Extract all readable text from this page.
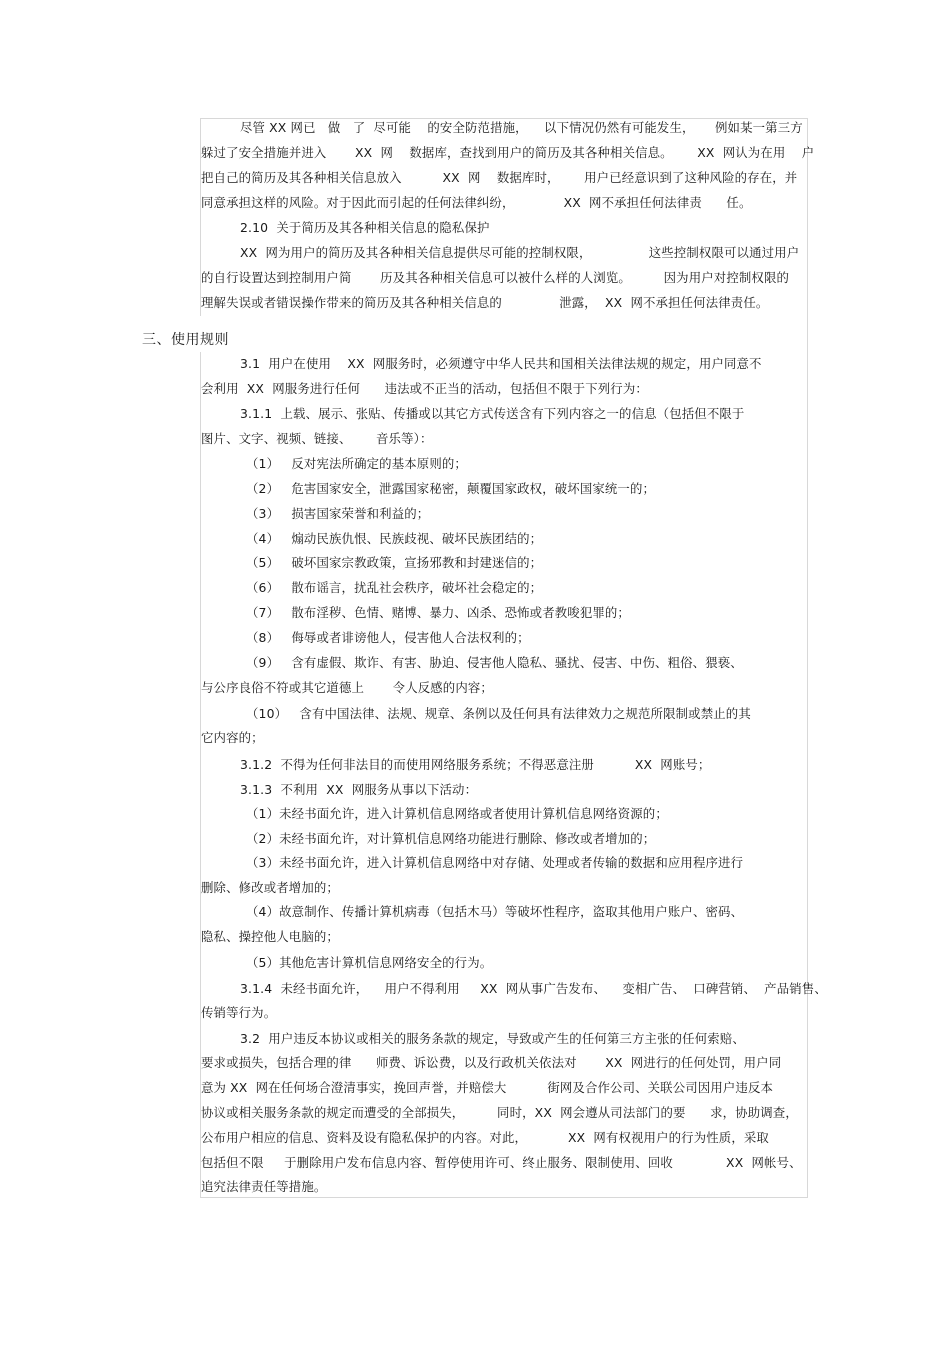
尽管 XX 网已   做   了  尽可能    的安全防范措施，    以下情况仍然有可能发生，     例如某一第三方
躲过了安全措施并进入       XX  网    数据库，查找到用户的简历及其各种相关信息。      XX  网认为在用    户
把自己的简历及其各种相关信息放入          XX  网    数据库时，      用户已经意识到了这种风险的存在，并
同意承担这样的风险。对于因此而引起的任何法律纠纷，            XX  网不承担任何法律责      任。
2.10  关于简历及其各种相关信息的隐私保护
XX  网为用户的简历及其各种相关信息提供尽可能的控制权限，              这些控制权限可以通过用户
的自行设置达到控制用户简       历及其各种相关信息可以被什么样的人浏览。        因为用户对控制权限的
理解失误或者错误操作带来的简历及其各种相关信息的              泄露，  XX  网不承担任何法律责任。
三、使用规则
3.1  用户在使用    XX  网服务时，必须遵守中华人民共和国相关法律法规的规定，用户同意不
会利用  XX  网服务进行任何      违法或不正当的活动，包括但不限于下列行为：
3.1.1  上载、展示、张贴、传播或以其它方式传送含有下列内容之一的信息（包括但不限于
图片、文字、视频、链接、      音乐等）：
（1）   反对宪法所确定的基本原则的；
（2）   危害国家安全，泄露国家秘密，颠覆国家政权，破坏国家统一的；
（3）   损害国家荣誉和利益的；
（4）   煽动民族仇恨、民族歧视、破坏民族团结的；
（5）   破坏国家宗教政策，宣扬邪教和封建迷信的；
（6）   散布谣言，扰乱社会秩序，破坏社会稳定的；
（7）   散布淫秽、色情、赌博、暴力、凶杀、恐怖或者教唆犯罪的；
（8）   侮辱或者诽谤他人，侵害他人合法权利的；
（9）   含有虚假、欺诈、有害、胁迫、侵害他人隐私、骚扰、侵害、中伤、粗俗、猥亵、
与公序良俗不符或其它道德上       令人反感的内容；
（10）   含有中国法律、法规、规章、条例以及任何具有法律效力之规范所限制或禁止的其
它内容的；
3.1.2  不得为任何非法目的而使用网络服务系统；不得恶意注册          XX  网账号；
3.1.3  不利用  XX  网服务从事以下活动：
（1）未经书面允许，进入计算机信息网络或者使用计算机信息网络资源的；
（2）未经书面允许，对计算机信息网络功能进行删除、修改或者增加的；
（3）未经书面允许，进入计算机信息网络中对存储、处理或者传输的数据和应用程序进行
删除、修改或者增加的；
（4）故意制作、传播计算机病毒（包括木马）等破坏性程序，盗取其他用户账户、密码、
隐私、操控他人电脑的；
（5）其他危害计算机信息网络安全的行为。
3.1.4  未经书面允许，    用户不得利用     XX  网从事广告发布、    变相广告、  口碑营销、  产品销售、
传销等行为。
3.2  用户违反本协议或相关的服务条款的规定，导致或产生的任何第三方主张的任何索赔、
要求或损失，包括合理的律      师费、诉讼费，以及行政机关依法对       XX  网进行的任何处罚，用户同
意为 XX  网在任何场合澄清事实，挽回声誉，并赔偿大          街网及合作公司、关联公司因用户违反本
协议或相关服务条款的规定而遭受的全部损失，        同时，XX  网会遵从司法部门的要      求，协助调查，
公布用户相应的信息、资料及设有隐私保护的内容。对此，          XX  网有权视用户的行为性质，采取
包括但不限     于删除用户发布信息内容、暂停使用许可、终止服务、限制使用、回收             XX  网帐号、
追究法律责任等措施。
